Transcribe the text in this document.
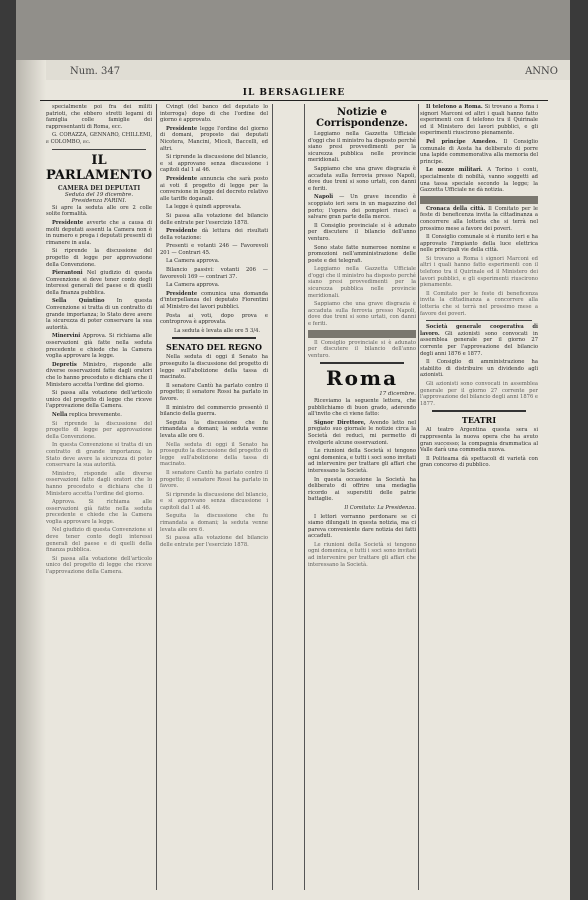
Num. 347	ANNO
IL BERSAGLIERE

specialmente poi fra dei militi patrioti, che ebbero stretti legami di famiglia colle famiglie dei rappresentanti di Roma, ecc.

G. CORAZZA, GENNARO, CHILLEMI, e COLOMBO, ec.

IL PARLAMENTO
CAMERA DEI DEPUTATI
Seduta del 19 dicembre.
Presidenza FARINI.

Si apre la seduta alle ore 2 colle solite formalità.

Presidente avverte che a causa di molti deputati assenti la Camera non è in numero e prega i deputati presenti di rimanere in aula.

Si riprende la discussione del progetto di legge per approvazione della Convenzione.

Pierantoni Nel giudizio di questa Convenzione si deve tener conto degli interessi generali del paese e di quelli della finanza pubblica.

Sella Quintino In questa Convenzione si tratta di un contratto di grande importanza; lo Stato deve avere la sicurezza di poter conservare la sua autorità.

Minervini Approva. Si richiama alle osservazioni già fatte nella seduta precedente e chiede che la Camera voglia approvare la legge.

Depretis Ministro, risponde alle diverse osservazioni fatte dagli oratori che lo hanno preceduto e dichiara che il Ministero accetta l'ordine del giorno.

Si passa alla votazione dell'articolo unico del progetto di legge che riceve l'approvazione della Camera.

Nella replica brevemente.

Si riprende la discussione del progetto di legge per approvazione della Convenzione.

In questa Convenzione si tratta di un contratto di grande importanza; lo Stato deve avere la sicurezza di poter conservare la sua autorità.

Ministro, risponde alle diverse osservazioni fatte dagli oratori che lo hanno preceduto e dichiara che il Ministero accetta l'ordine del giorno.

Approva. Si richiama alle osservazioni già fatte nella seduta precedente e chiede che la Camera voglia approvare la legge.

Nel giudizio di questa Convenzione si deve tener conto degli interessi generali del paese e di quelli della finanza pubblica.

Si passa alla votazione dell'articolo unico del progetto di legge che riceve l'approvazione della Camera.

Cvingt (del banco del deputato lo interroga) dopo di che l'ordine del giorno è approvato.

Presidente legge l'ordine del giorno di domani, proposto dai deputati Nicotera, Mancini, Miceli, Baccelli, ed altri.

Si riprende la discussione del bilancio, e si approvano senza discussione i capitoli dal 1 al 46.

Presidente annuncia che sarà posto ai voti il progetto di legge per la conversione in legge del decreto relativo alle tariffe doganali.

La legge è quindi approvata.

Si passa alla votazione del bilancio delle entrate per l'esercizio 1878.

Presidente dà lettura dei risultati della votazione:

Presenti e votanti 246 — Favorevoli 201 — Contrari 45.

La Camera approva.

Bilancio passivi: votanti 206 — favorevoli 169 — contrari 37.

La Camera approva.

Presidente comunica una domanda d'interpellanza del deputato Fiorentini al Ministro dei lavori pubblici.

Posta ai voti, dopo prova e controprova è approvata.

La seduta è levata alle ore 5 3/4.

SENATO DEL REGNO

Nella seduta di oggi il Senato ha proseguito la discussione del progetto di legge sull'abolizione della tassa di macinato.

Il senatore Cantù ha parlato contro il progetto; il senatore Rossi ha parlato in favore.

Il ministro del commercio presentò il bilancio della guerra.

Seguita la discussione che fu rimandata a domani; la seduta venne levata alle ore 6.

Nella seduta di oggi il Senato ha proseguito la discussione del progetto di legge sull'abolizione della tassa di macinato.

Il senatore Cantù ha parlato contro il progetto; il senatore Rossi ha parlato in favore.

Si riprende la discussione del bilancio, e si approvano senza discussione i capitoli dal 1 al 46.

Seguita la discussione che fu rimandata a domani; la seduta venne levata alle ore 6.

Si passa alla votazione del bilancio delle entrate per l'esercizio 1878.

Notizie e Corrispondenze.

Leggiamo nella Gazzetta Ufficiale d'oggi che il ministro ha disposto perché siano presi provvedimenti per la sicurezza pubblica nelle provincie meridionali.

Sappiamo che una grave disgrazia è accaduta sulla ferrovia presso Napoli, dove due treni si sono urtati, con danni e feriti.

Napoli — Un grave incendio è scoppiato ieri sera in un magazzino del porto; l'opera dei pompieri riuscì a salvare gran parte della merce.

Il Consiglio provinciale si è adunato per discutere il bilancio dell'anno venturo.

Sono state fatte numerose nomine e promozioni nell'amministrazione delle poste e dei telegrafi.

Leggiamo nella Gazzetta Ufficiale d'oggi che il ministro ha disposto perché siano presi provvedimenti per la sicurezza pubblica nelle provincie meridionali.

Sappiamo che una grave disgrazia è accaduta sulla ferrovia presso Napoli, dove due treni si sono urtati, con danni e feriti.

Il Consiglio provinciale si è adunato per discutere il bilancio dell'anno venturo.

Roma
17 dicembre.

Riceviamo la seguente lettera, che pubblichiamo di buon grado, aderendo all'invito che ci viene fatto:

Signor Direttore, Avendo letto nel pregiato suo giornale le notizie circa la Società dei reduci, mi permetto di rivolgerle alcune osservazioni.

Le riunioni della Società si tengono ogni domenica, e tutti i soci sono invitati ad intervenire per trattare gli affari che interessano la Società.

In questa occasione la Società ha deliberato di offrire una medaglia ricordo ai superstiti delle patrie battaglie.

Il Comitato: La Presidenza.

I lettori vorranno perdonare se ci siamo dilungati in questa notizia, ma ci pareva conveniente dare notizia dei fatti accaduti.

Le riunioni della Società si tengono ogni domenica, e tutti i soci sono invitati ad intervenire per trattare gli affari che interessano la Società.

Il telefono a Roma. Si trovano a Roma i signori Marconi ed altri i quali hanno fatto esperimenti con il telefono tra il Quirinale ed il Ministero dei lavori pubblici, e gli esperimenti riuscirono pienamente.

Pel principe Amedeo. Il Consiglio comunale di Aosta ha deliberato di porre una lapide commemorativa alla memoria del principe.

Le nozze militari. A Torino i conti, specialmente di nobiltà, vanno soggetti ad una tassa speciale secondo la legge; la Gazzetta Ufficiale ne dà notizia.

Cronaca della città. Il Comitato per le feste di beneficenza invita la cittadinanza a concorrere alla lotteria che si terrà nel prossimo mese a favore dei poveri.

Il Consiglio comunale si è riunito ieri e ha approvato l'impianto della luce elettrica nelle principali vie della città.

Si trovano a Roma i signori Marconi ed altri i quali hanno fatto esperimenti con il telefono tra il Quirinale ed il Ministero dei lavori pubblici, e gli esperimenti riuscirono pienamente.

Il Comitato per le feste di beneficenza invita la cittadinanza a concorrere alla lotteria che si terrà nel prossimo mese a favore dei poveri.

Società generale cooperativa di lavoro. Gli azionisti sono convocati in assemblea generale per il giorno 27 corrente per l'approvazione del bilancio degli anni 1876 e 1877.

Il Consiglio di amministrazione ha stabilito di distribuire un dividendo agli azionisti.

Gli azionisti sono convocati in assemblea generale per il giorno 27 corrente per l'approvazione del bilancio degli anni 1876 e 1877.

TEATRI

Al teatro Argentina questa sera si rappresenta la nuova opera che ha avuto gran successo; la compagnia drammatica al Valle darà una commedia nuova.

Il Politeama dà spettacoli di varietà con gran concorso di pubblico.
